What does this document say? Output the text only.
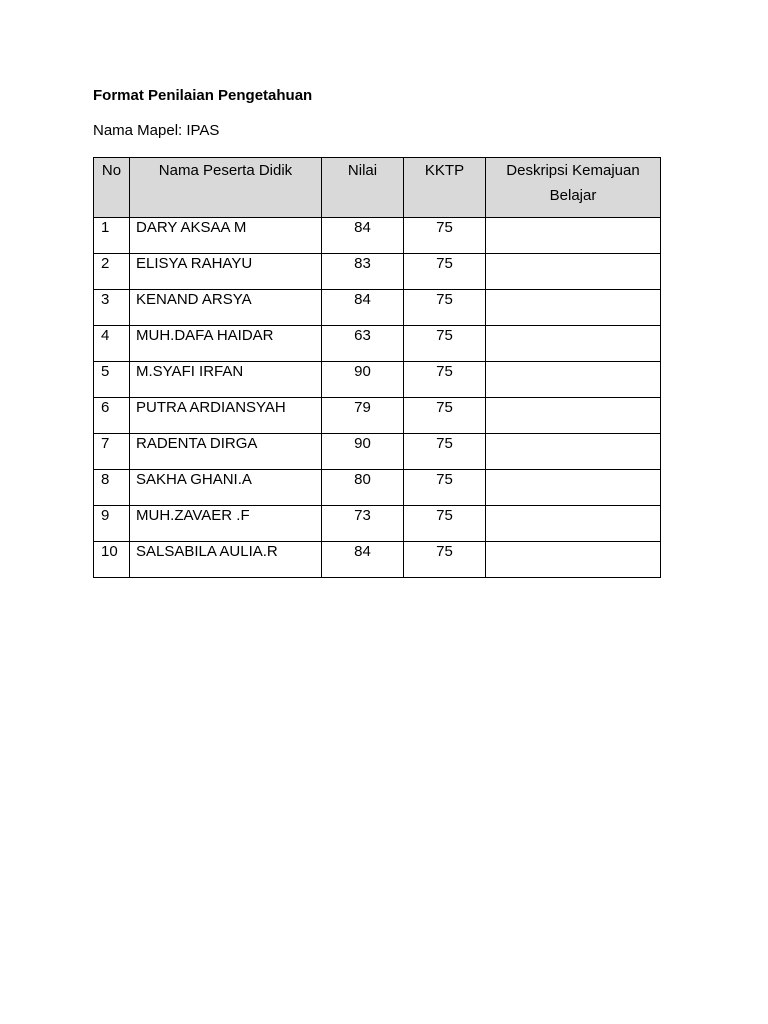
Format Penilaian Pengetahuan

Nama Mapel: IPAS

No	Nama Peserta Didik	Nilai	KKTP	Deskripsi Kemajuan
Belajar
1	DARY AKSAA M	84	75	
2	ELISYA RAHAYU	83	75	
3	KENAND ARSYA	84	75	
4	MUH.DAFA HAIDAR	63	75	
5	M.SYAFI IRFAN	90	75	
6	PUTRA ARDIANSYAH	79	75	
7	RADENTA DIRGA	90	75	
8	SAKHA GHANI.A	80	75	
9	MUH.ZAVAER .F	73	75	
10	SALSABILA AULIA.R	84	75	
